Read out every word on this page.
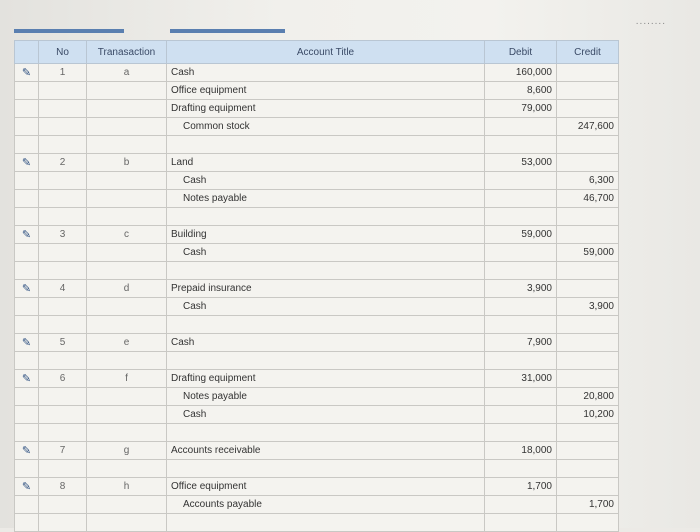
........
	No	Tranasaction	Account Title	Debit	Credit
✎	1	a	Cash	160,000	
			Office equipment	8,600	
			Drafting equipment	79,000	
			Common stock		247,600

✎	2	b	Land	53,000	
			Cash		6,300
			Notes payable		46,700

✎	3	c	Building	59,000	
			Cash		59,000

✎	4	d	Prepaid insurance	3,900	
			Cash		3,900

✎	5	e	Cash	7,900	

✎	6	f	Drafting equipment	31,000	
			Notes payable		20,800
			Cash		10,200

✎	7	g	Accounts receivable	18,000	

✎	8	h	Office equipment	1,700	
			Accounts payable		1,700
